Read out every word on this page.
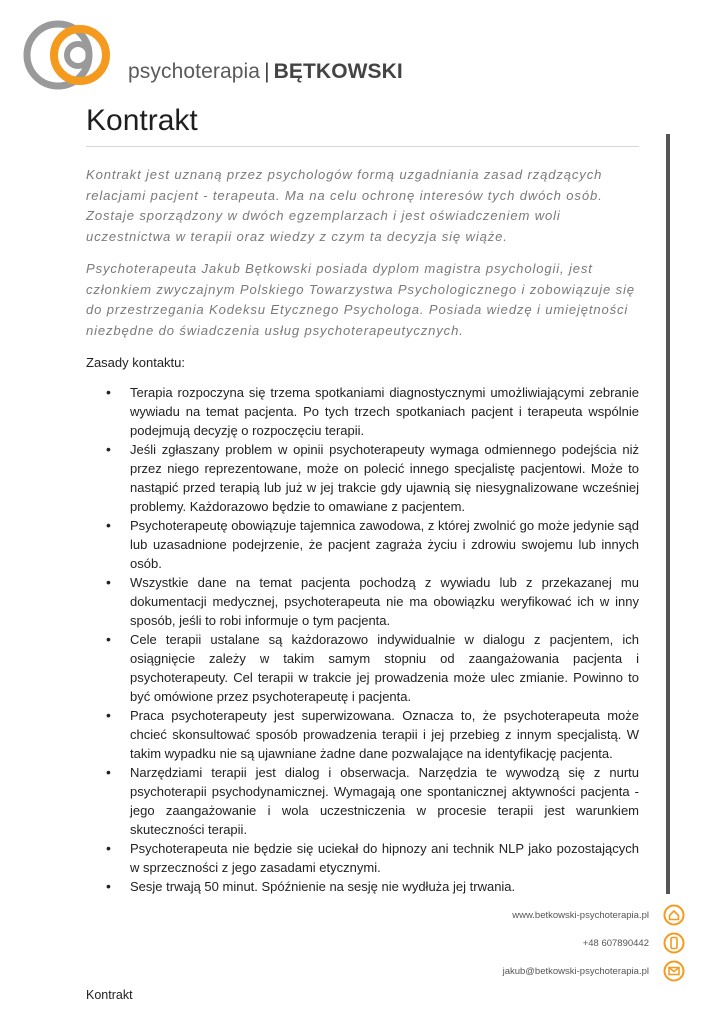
psychoterapia | BĘTKOWSKI
Kontrakt

Kontrakt jest uznaną przez psychologów formą uzgadniania zasad rządzących relacjami pacjent - terapeuta. Ma na celu ochronę interesów tych dwóch osób. Zostaje sporządzony w dwóch egzemplarzach i jest oświadczeniem woli uczestnictwa w terapii oraz wiedzy z czym ta decyzja się wiąże.

Psychoterapeuta Jakub Bętkowski posiada dyplom magistra psychologii, jest członkiem zwyczajnym Polskiego Towarzystwa Psychologicznego i zobowiązuje się do przestrzegania Kodeksu Etycznego Psychologa. Posiada wiedzę i umiejętności niezbędne do świadczenia usług psychoterapeutycznych.

Zasady kontaktu:

• Terapia rozpoczyna się trzema spotkaniami diagnostycznymi umożliwiającymi zebranie wywiadu na temat pacjenta. Po tych trzech spotkaniach pacjent i terapeuta wspólnie podejmują decyzję o rozpoczęciu terapii.
• Jeśli zgłaszany problem w opinii psychoterapeuty wymaga odmiennego podejścia niż przez niego reprezentowane, może on polecić innego specjalistę pacjentowi. Może to nastąpić przed terapią lub już w jej trakcie gdy ujawnią się niesygnalizowane wcześniej problemy. Każdorazowo będzie to omawiane z pacjentem.
• Psychoterapeutę obowiązuje tajemnica zawodowa, z której zwolnić go może jedynie sąd lub uzasadnione podejrzenie, że pacjent zagraża życiu i zdrowiu swojemu lub innych osób.
• Wszystkie dane na temat pacjenta pochodzą z wywiadu lub z przekazanej mu dokumentacji medycznej, psychoterapeuta nie ma obowiązku weryfikować ich w inny sposób, jeśli to robi informuje o tym pacjenta.
• Cele terapii ustalane są każdorazowo indywidualnie w dialogu z pacjentem, ich osiągnięcie zależy w takim samym stopniu od zaangażowania pacjenta i psychoterapeuty. Cel terapii w trakcie jej prowadzenia może ulec zmianie. Powinno to być omówione przez psychoterapeutę i pacjenta.
• Praca psychoterapeuty jest superwizowana. Oznacza to, że psychoterapeuta może chcieć skonsultować sposób prowadzenia terapii i jej przebieg z innym specjalistą. W takim wypadku nie są ujawniane żadne dane pozwalające na identyfikację pacjenta.
• Narzędziami terapii jest dialog i obserwacja. Narzędzia te wywodzą się z nurtu psychoterapii psychodynamicznej. Wymagają one spontanicznej aktywności pacjenta - jego zaangażowanie i wola uczestniczenia w procesie terapii jest warunkiem skuteczności terapii.
• Psychoterapeuta nie będzie się uciekał do hipnozy ani technik NLP jako pozostających w sprzeczności z jego zasadami etycznymi.
• Sesje trwają 50 minut. Spóźnienie na sesję nie wydłuża jej trwania.
www.betkowski-psychoterapia.pl
+48 607890442
jakub@betkowski-psychoterapia.pl

Kontrakt
